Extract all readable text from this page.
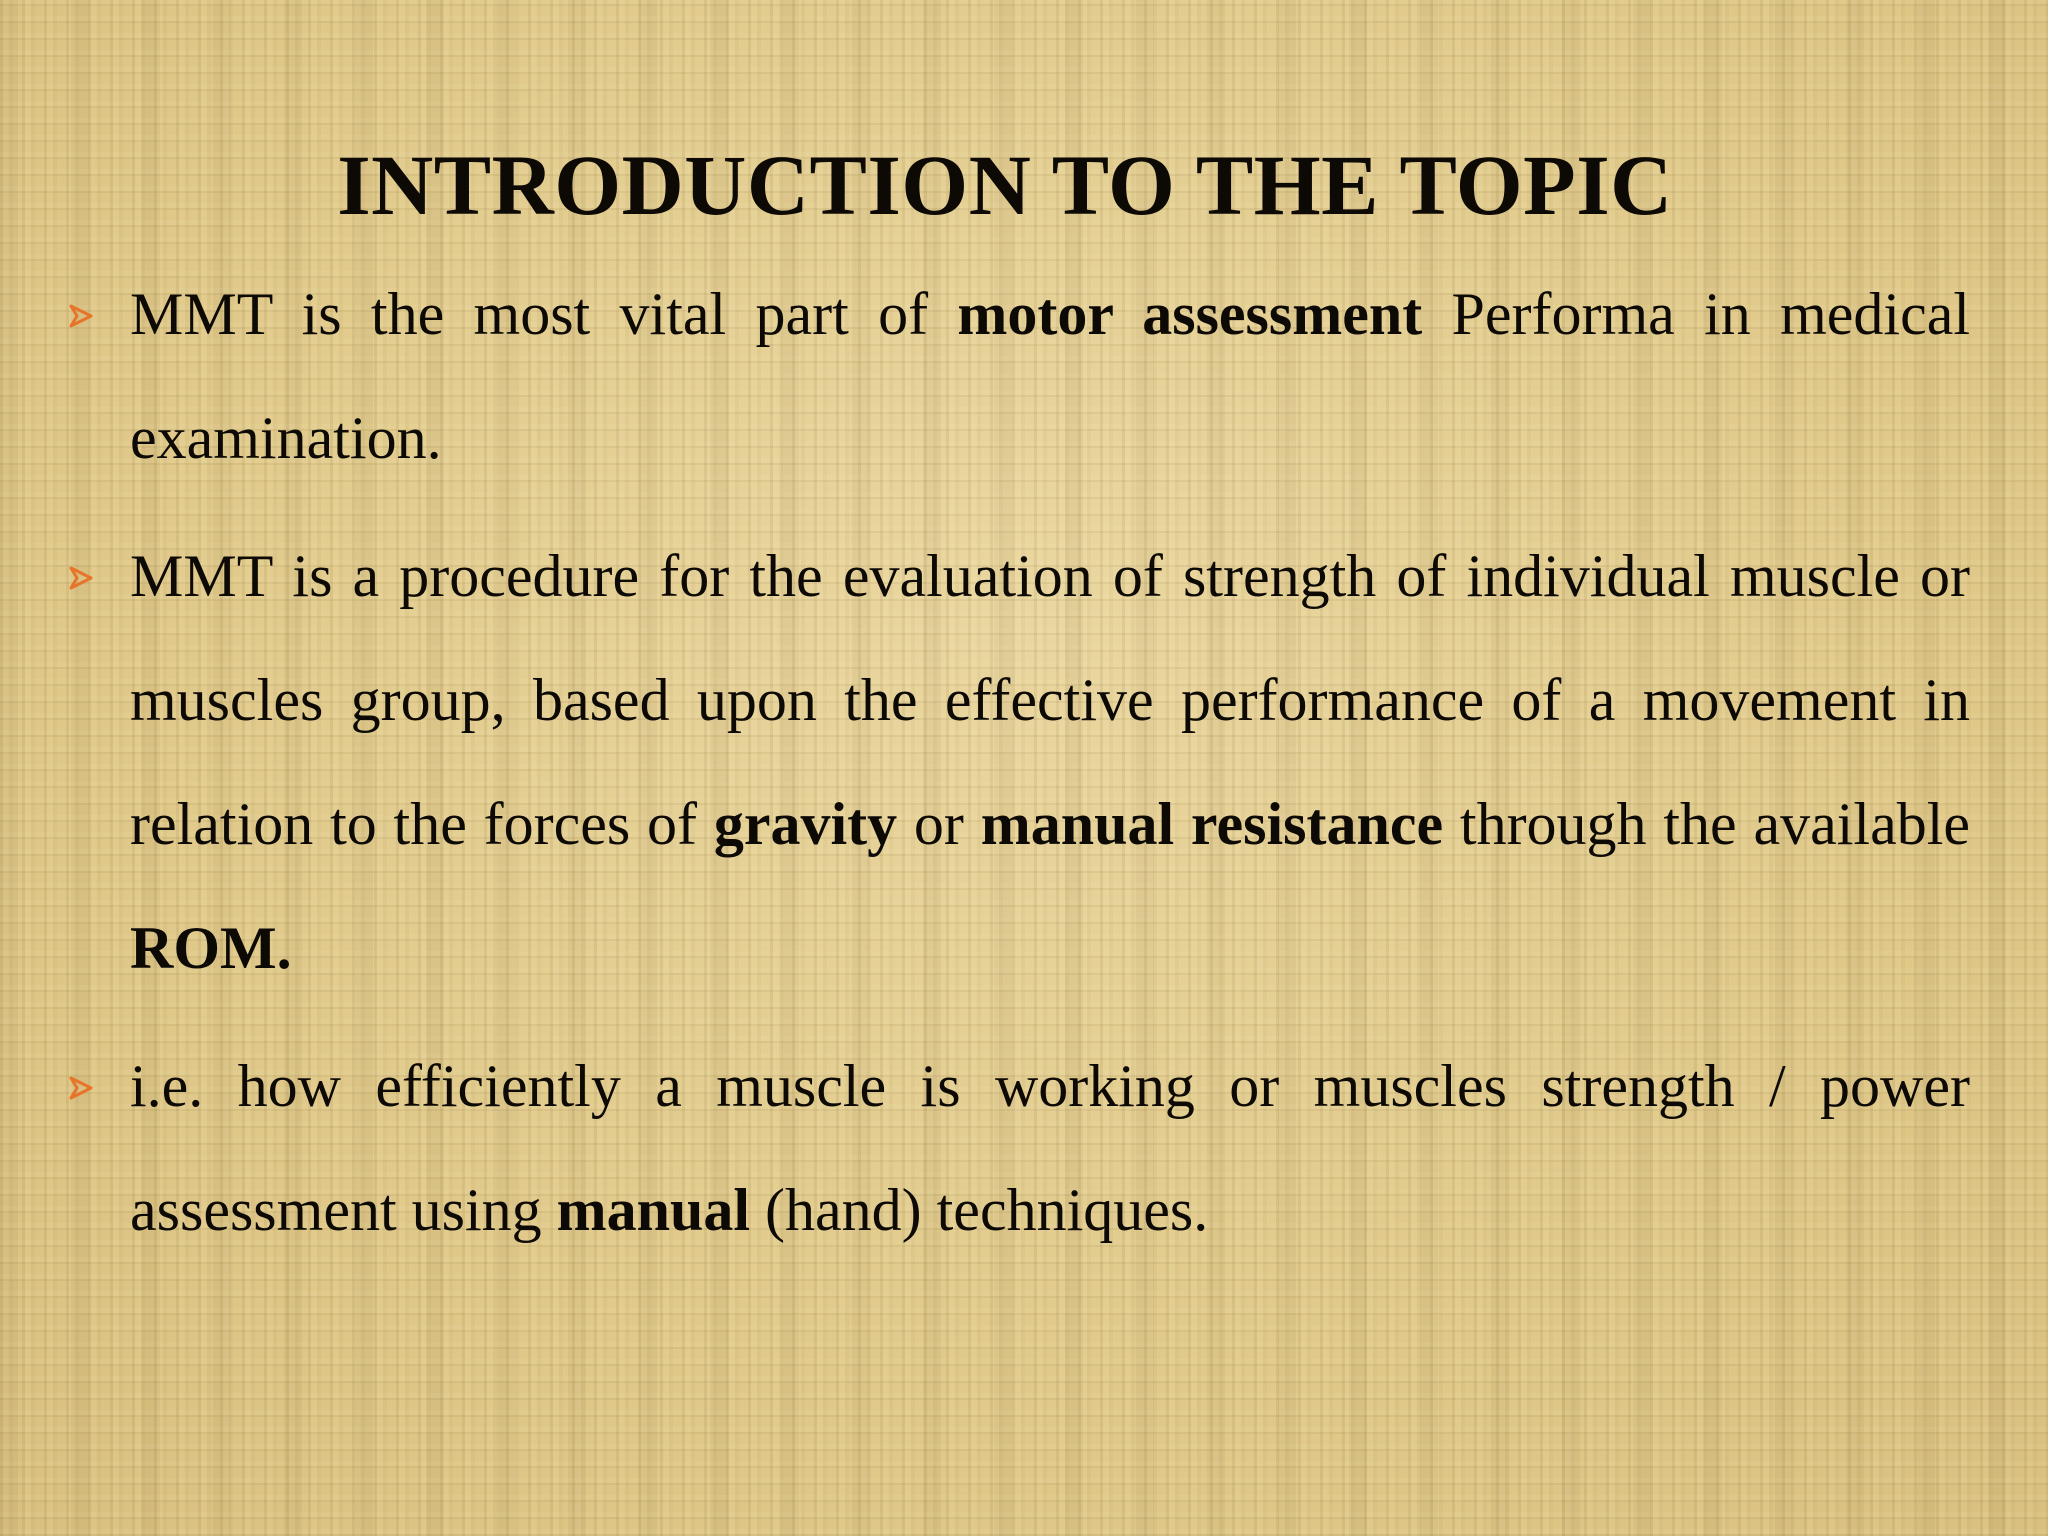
INTRODUCTION TO THE TOPIC
MMT is the most vital part of motor assessment Performa in medical examination.
MMT is a procedure for the evaluation of strength of individual muscle or muscles group, based upon the effective performance of a movement in relation to the forces of gravity or manual resistance through the available ROM.
i.e. how efficiently a muscle is working or muscles strength / power assessment using manual (hand) techniques.
